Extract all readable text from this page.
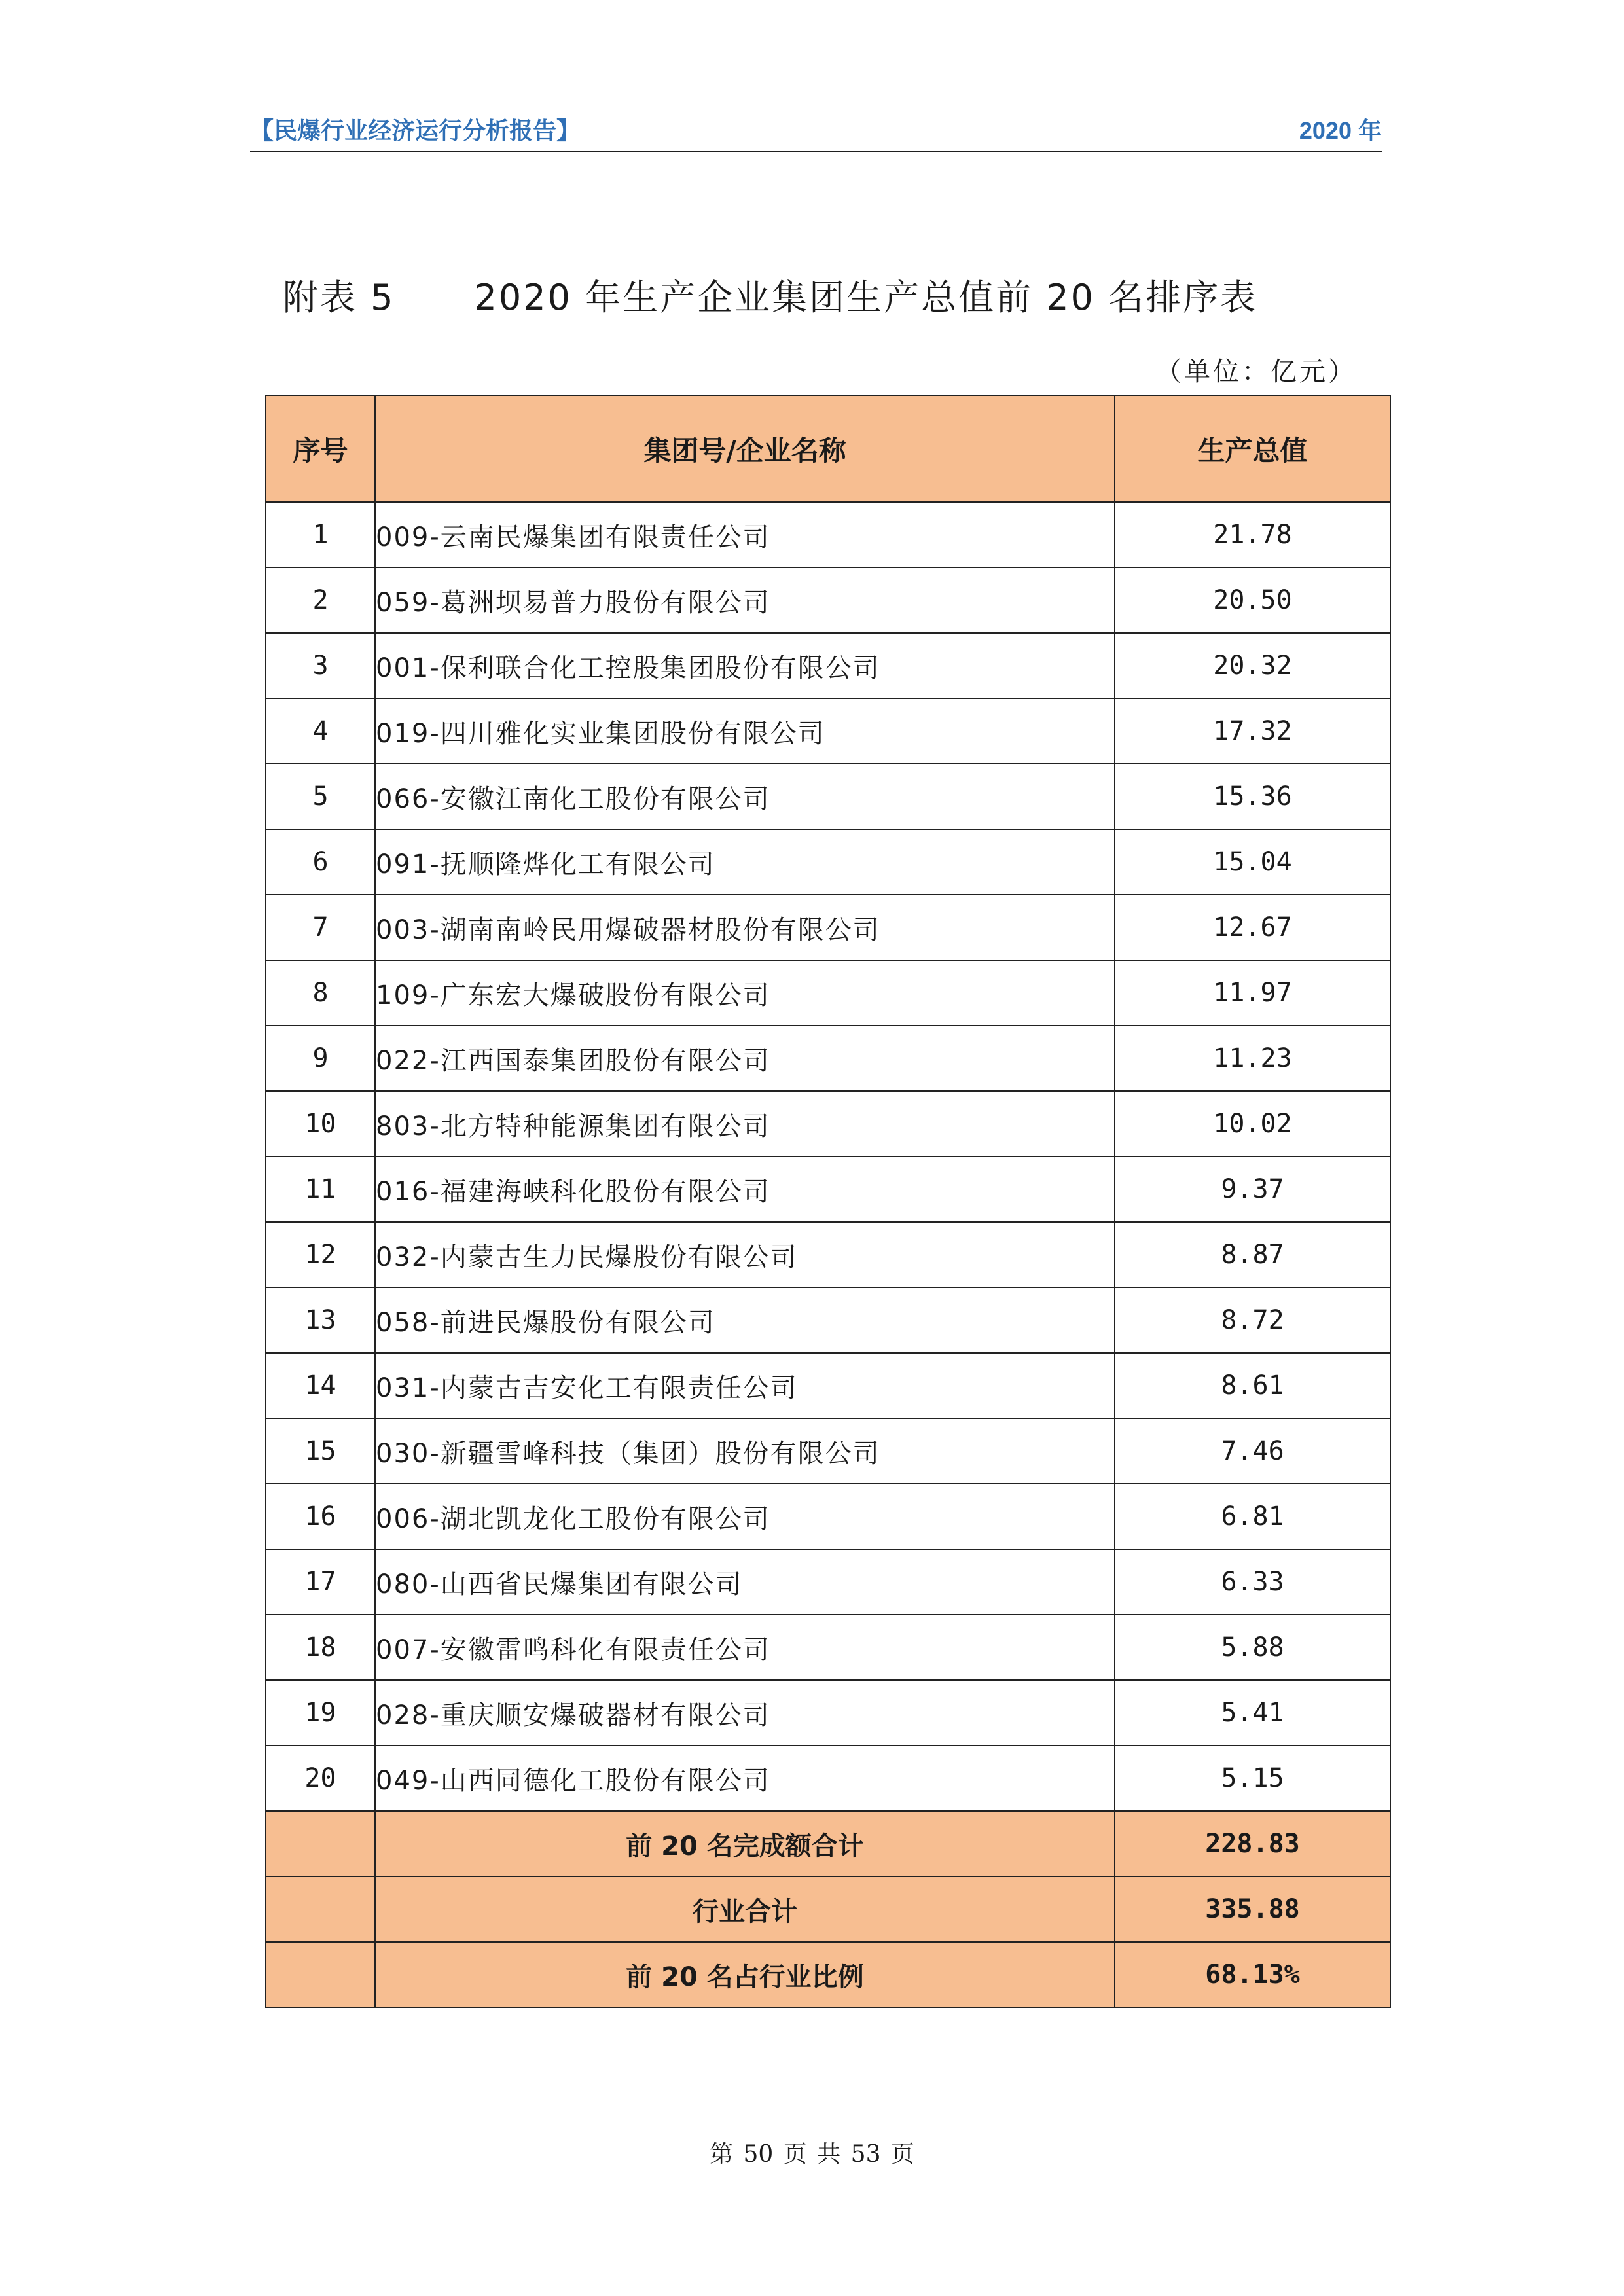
【民爆行业经济运行分析报告】	2020 年
附表 5      2020 年生产企业集团生产总值前 20 名排序表
（单位：亿元）
序号	集团号/企业名称	生产总值
1	009-云南民爆集团有限责任公司	21.78
2	059-葛洲坝易普力股份有限公司	20.50
3	001-保利联合化工控股集团股份有限公司	20.32
4	019-四川雅化实业集团股份有限公司	17.32
5	066-安徽江南化工股份有限公司	15.36
6	091-抚顺隆烨化工有限公司	15.04
7	003-湖南南岭民用爆破器材股份有限公司	12.67
8	109-广东宏大爆破股份有限公司	11.97
9	022-江西国泰集团股份有限公司	11.23
10	803-北方特种能源集团有限公司	10.02
11	016-福建海峡科化股份有限公司	9.37
12	032-内蒙古生力民爆股份有限公司	8.87
13	058-前进民爆股份有限公司	8.72
14	031-内蒙古吉安化工有限责任公司	8.61
15	030-新疆雪峰科技（集团）股份有限公司	7.46
16	006-湖北凯龙化工股份有限公司	6.81
17	080-山西省民爆集团有限公司	6.33
18	007-安徽雷鸣科化有限责任公司	5.88
19	028-重庆顺安爆破器材有限公司	5.41
20	049-山西同德化工股份有限公司	5.15
	前 20 名完成额合计	228.83
	行业合计	335.88
	前 20 名占行业比例	68.13%
第 50 页 共 53 页
